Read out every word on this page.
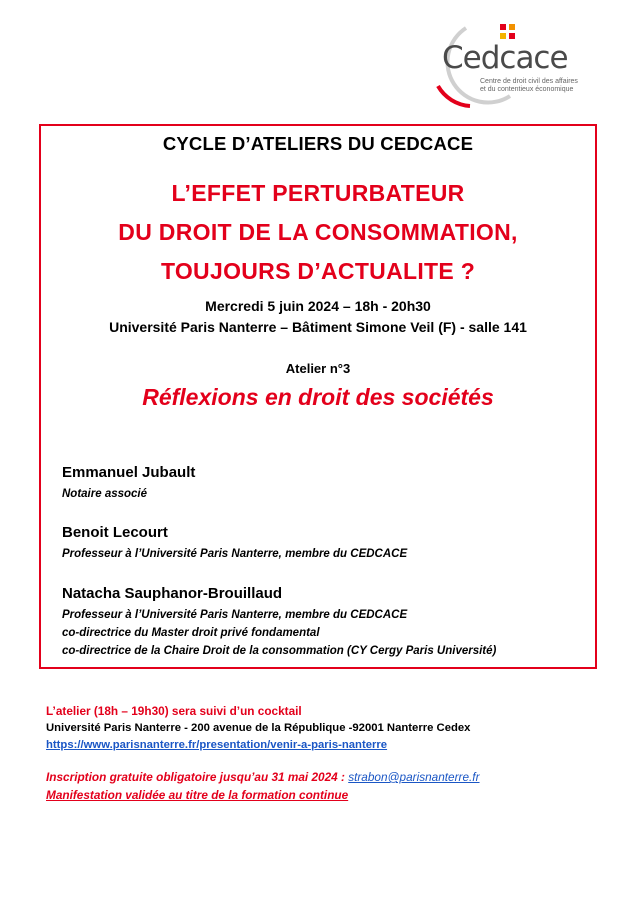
Cedcace
Centre de droit civil des affaires
et du contentieux économique
CYCLE D’ATELIERS DU CEDCACE
L’EFFET PERTURBATEUR
DU DROIT DE LA CONSOMMATION,
TOUJOURS D’ACTUALITE ?
Mercredi 5 juin 2024 – 18h - 20h30
Université Paris Nanterre – Bâtiment Simone Veil (F) - salle 141
Atelier n°3
Réflexions en droit des sociétés
Emmanuel Jubault
Notaire associé
Benoit Lecourt
Professeur à l’Université Paris Nanterre, membre du CEDCACE
Natacha Sauphanor-Brouillaud
Professeur à l’Université Paris Nanterre, membre du CEDCACE
co-directrice du Master droit privé fondamental
co-directrice de la Chaire Droit de la consommation (CY Cergy Paris Université)
L’atelier (18h – 19h30) sera suivi d’un cocktail
Université Paris Nanterre - 200 avenue de la République -92001 Nanterre Cedex
https://www.parisnanterre.fr/presentation/venir-a-paris-nanterre
Inscription gratuite obligatoire jusqu’au 31 mai 2024 : strabon@parisnanterre.fr
Manifestation validée au titre de la formation continue
